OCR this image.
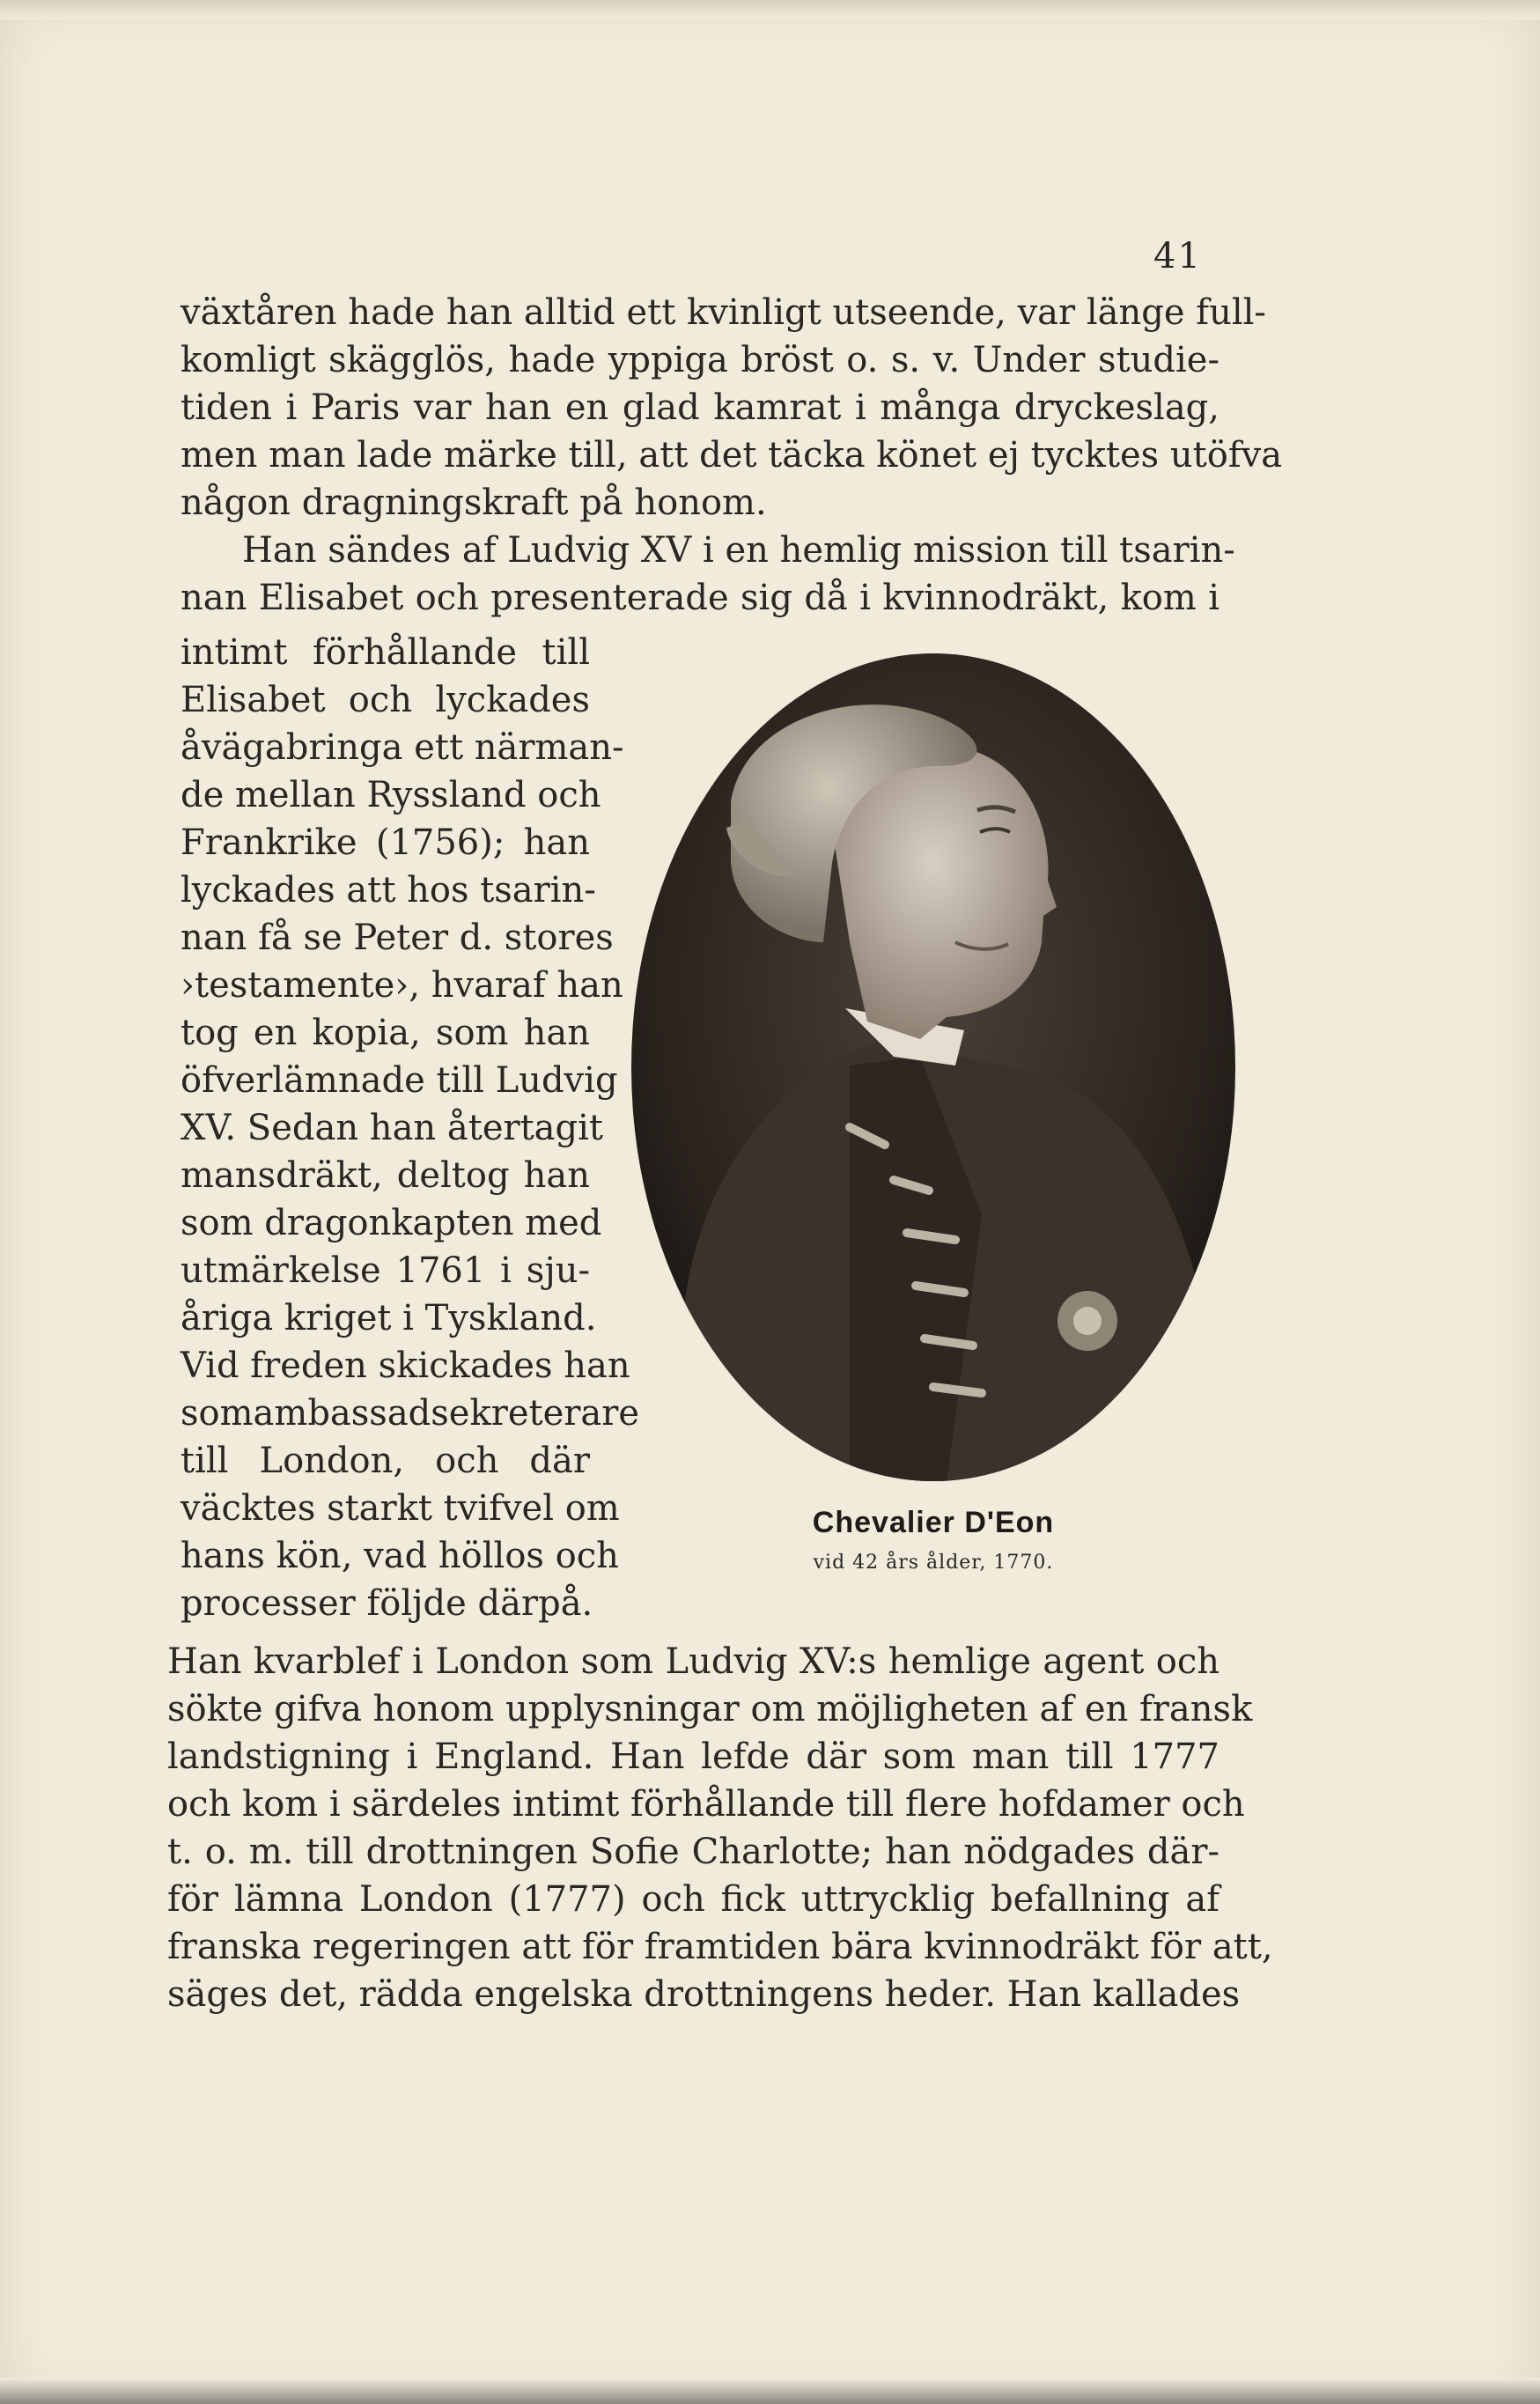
41
växtåren hade han alltid ett kvinligt utseende, var länge full-
komligt skägglös, hade yppiga bröst o. s. v. Under studie-
tiden i Paris var han en glad kamrat i många dryckeslag,
men man lade märke till, att det täcka könet ej tycktes utöfva
någon dragningskraft på honom.
Han sändes af Ludvig XV i en hemlig mission till tsarin-
nan Elisabet och presenterade sig då i kvinnodräkt, kom i
intimt förhållande till
Elisabet och lyckades
åvägabringa ett närman-
de mellan Ryssland och
Frankrike (1756); han
lyckades att hos tsarin-
nan få se Peter d. stores
›testamente›, hvaraf han
tog en kopia, som han
öfverlämnade till Ludvig
XV. Sedan han återtagit
mansdräkt, deltog han
som dragonkapten med
utmärkelse 1761 i sju-
åriga kriget i Tyskland.
Vid freden skickades han
somambassadsekreterare
till London, och där
väcktes starkt tvifvel om
hans kön, vad höllos och
processer följde därpå.
Chevalier D'Eon
vid 42 års ålder, 1770.
Han kvarblef i London som Ludvig XV:s hemlige agent och
sökte gifva honom upplysningar om möjligheten af en fransk
landstigning i England. Han lefde där som man till 1777
och kom i särdeles intimt förhållande till flere hofdamer och
t. o. m. till drottningen Sofie Charlotte; han nödgades där-
för lämna London (1777) och fick uttrycklig befallning af
franska regeringen att för framtiden bära kvinnodräkt för att,
säges det, rädda engelska drottningens heder. Han kallades
